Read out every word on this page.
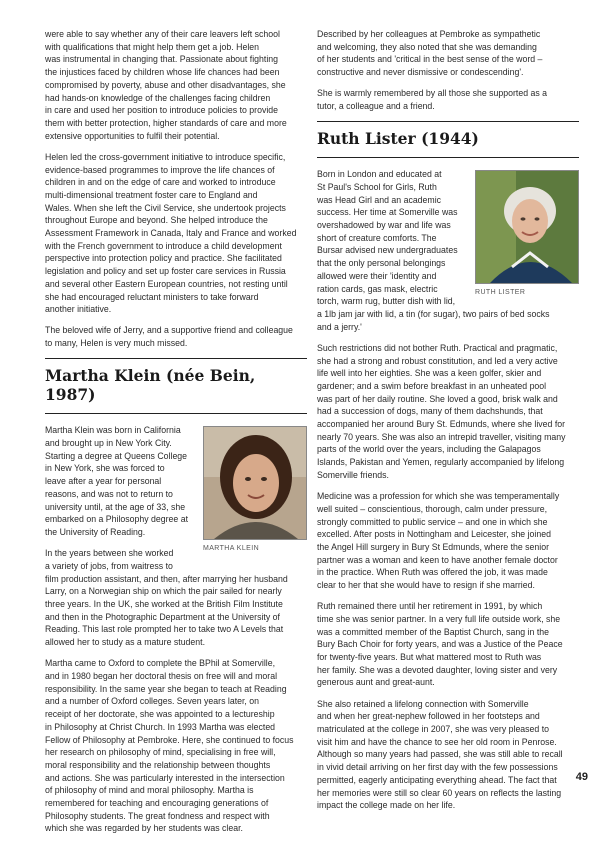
were able to say whether any of their care leavers left school
with qualifications that might help them get a job. Helen
was instrumental in changing that. Passionate about fighting
the injustices faced by children whose life chances had been
compromised by poverty, abuse and other disadvantages, she
had hands-on knowledge of the challenges facing children
in care and used her position to introduce policies to provide
them with better protection, higher standards of care and more
extensive opportunities to fulfil their potential.

Helen led the cross-government initiative to introduce specific,
evidence-based programmes to improve the life chances of
children in and on the edge of care and worked to introduce
multi-dimensional treatment foster care to England and
Wales. When she left the Civil Service, she undertook projects
throughout Europe and beyond. She helped introduce the
Assessment Framework in Canada, Italy and France and worked
with the French government to introduce a child development
perspective into protection policy and practice. She facilitated
legislation and policy and set up foster care services in Russia
and several other Eastern European countries, not resting until
she had encouraged reluctant ministers to take forward
another initiative.

The beloved wife of Jerry, and a supportive friend and colleague
to many, Helen is very much missed.

Martha Klein (née Bein, 1987)
MARTHA KLEIN

Martha Klein was born in California
and brought up in New York City.
Starting a degree at Queens College
in New York, she was forced to
leave after a year for personal
reasons, and was not to return to
university until, at the age of 33, she
embarked on a Philosophy degree at
the University of Reading.

In the years between she worked
a variety of jobs, from waitress to
film production assistant, and then, after marrying her husband
Larry, on a Norwegian ship on which the pair sailed for nearly
three years. In the UK, she worked at the British Film Institute
and then in the Photographic Department at the University of
Reading. This last role prompted her to take two A Levels that
allowed her to study as a mature student.

Martha came to Oxford to complete the BPhil at Somerville,
and in 1980 began her doctoral thesis on free will and moral
responsibility. In the same year she began to teach at Reading
and a number of Oxford colleges. Seven years later, on
receipt of her doctorate, she was appointed to a lectureship
in Philosophy at Christ Church. In 1993 Martha was elected
Fellow of Philosophy at Pembroke. Here, she continued to focus
her research on philosophy of mind, specialising in free will,
moral responsibility and the relationship between thoughts
and actions. She was particularly interested in the intersection
of philosophy of mind and moral philosophy. Martha is
remembered for teaching and encouraging generations of
Philosophy students. The great fondness and respect with
which she was regarded by her students was clear.

Described by her colleagues at Pembroke as sympathetic
and welcoming, they also noted that she was demanding
of her students and 'critical in the best sense of the word –
constructive and never dismissive or condescending'.

She is warmly remembered by all those she supported as a
tutor, a colleague and a friend.

Ruth Lister (1944)
RUTH LISTER

Born in London and educated at
St Paul's School for Girls, Ruth
was Head Girl and an academic
success. Her time at Somerville was
overshadowed by war and life was
short of creature comforts. The
Bursar advised new undergraduates
that the only personal belongings
allowed were their 'identity and
ration cards, gas mask, electric
torch, warm rug, butter dish with lid,
a 1lb jam jar with lid, a tin (for sugar), two pairs of bed socks
and a jerry.'

Such restrictions did not bother Ruth. Practical and pragmatic,
she had a strong and robust constitution, and led a very active
life well into her eighties. She was a keen golfer, skier and
gardener; and a swim before breakfast in an unheated pool
was part of her daily routine. She loved a good, brisk walk and
had a succession of dogs, many of them dachshunds, that
accompanied her around Bury St. Edmunds, where she lived for
nearly 70 years. She was also an intrepid traveller, visiting many
parts of the world over the years, including the Galapagos
Islands, Pakistan and Yemen, regularly accompanied by lifelong
Somerville friends.

Medicine was a profession for which she was temperamentally
well suited – conscientious, thorough, calm under pressure,
strongly committed to public service – and one in which she
excelled. After posts in Nottingham and Leicester, she joined
the Angel Hill surgery in Bury St Edmunds, where the senior
partner was a woman and keen to have another female doctor
in the practice. When Ruth was offered the job, it was made
clear to her that she would have to resign if she married.

Ruth remained there until her retirement in 1991, by which
time she was senior partner. In a very full life outside work, she
was a committed member of the Baptist Church, sang in the
Bury Bach Choir for forty years, and was a Justice of the Peace
for twenty-five years. But what mattered most to Ruth was
her family. She was a devoted daughter, loving sister and very
generous aunt and great-aunt.

She also retained a lifelong connection with Somerville
and when her great-nephew followed in her footsteps and
matriculated at the college in 2007, she was very pleased to
visit him and have the chance to see her old room in Penrose.
Although so many years had passed, she was still able to recall
in vivid detail arriving on her first day with the few possessions
permitted, eagerly anticipating everything ahead. The fact that
her memories were still so clear 60 years on reflects the lasting
impact the college made on her life.

49
